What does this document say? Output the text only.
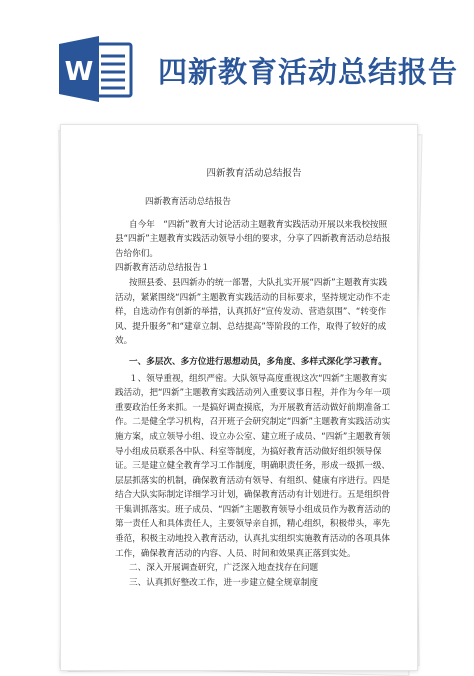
W 四新教育活动总结报告

四新教育活动总结报告

四新教育活动总结报告

自今年　“四新”教育大讨论活动主题教育实践活动开展以来我校按照县“四新”主题教育实践活动领导小组的要求，分享了四新教育活动总结报告给你们。

四新教育活动总结报告１

按照县委、县四新办的统一部署，大队扎实开展“四新”主题教育实践活动，紧紧围绕“四新”主题教育实践活动的目标要求，坚持规定动作不走样，自选动作有创新的举措，认真抓好“宣传发动、营造氛围”、“转变作风、提升服务”和“建章立制、总结提高”等阶段的工作，取得了较好的成效。

一、多层次、多方位进行思想动员，多角度、多样式深化学习教育。

１、领导重视，组织严密。大队领导高度重视这次“四新”主题教育实践活动，把“四新”主题教育实践活动列入重要议事日程，并作为今年一项重要政治任务来抓。一是搞好调查摸底，为开展教育活动做好前期准备工作。二是健全学习机构，召开班子会研究制定“四新”主题教育实践活动实施方案，成立领导小组、设立办公室、建立班子成员、“四新”主题教育领导小组成员联系各中队、科室等制度，为搞好教育活动做好组织领导保证。三是建立健全教育学习工作制度，明确职责任务，形成一级抓一级、层层抓落实的机制，确保教育活动有领导、有组织、健康有序进行。四是结合大队实际制定详细学习计划，确保教育活动有计划进行。五是组织骨干集训抓落实。班子成员、“四新”主题教育领导小组成员作为教育活动的第一责任人和具体责任人，主要领导亲自抓，精心组织，积极带头，率先垂范，积极主动地投入教育活动，认真扎实组织实施教育活动的各项具体工作，确保教育活动的内容、人员、时间和效果真正落到实处。

二、深入开展调查研究，广泛深入地查找存在问题

三、认真抓好整改工作，进一步建立健全规章制度
